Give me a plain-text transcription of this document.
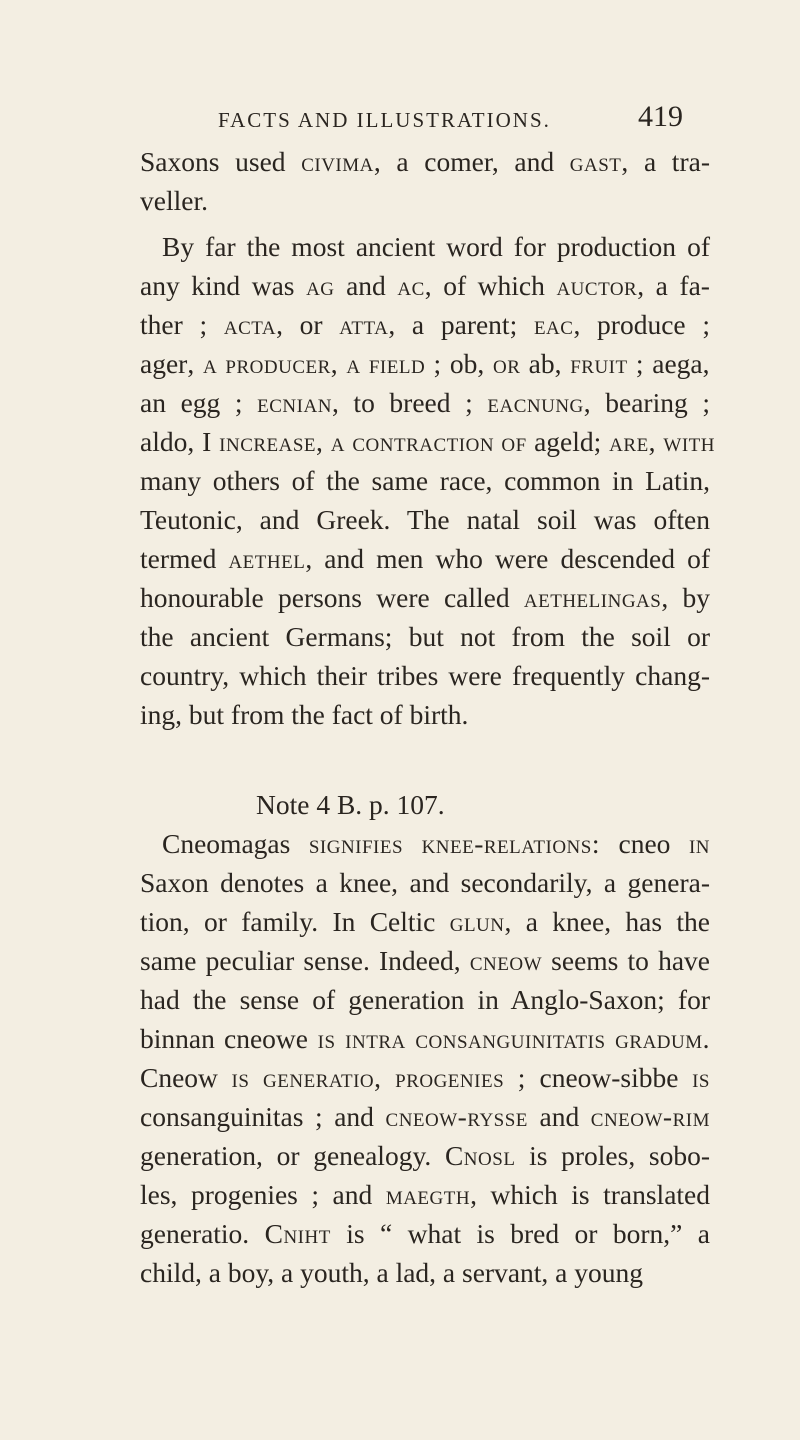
FACTS AND ILLUSTRATIONS.	419
Saxons used civima, a comer, and gast, a tra-
veller.
By far the most ancient word for production of
any kind was ag and ac, of which auctor, a fa-
ther ; acta, or atta, a parent; eac, produce ;
ager, a producer, a field ; ob, or ab, fruit ; aega,
an egg ; ecnian, to breed ; eacnung, bearing ;
aldo, I increase, a contraction of ageld; are, with
many others of the same race, common in Latin,
Teutonic, and Greek. The natal soil was often
termed aethel, and men who were descended of
honourable persons were called aethelingas, by
the ancient Germans; but not from the soil or
country, which their tribes were frequently chang-
ing, but from the fact of birth.
Note 4 B. p. 107.
Cneomagas signifies knee-relations: cneo in
Saxon denotes a knee, and secondarily, a genera-
tion, or family. In Celtic glun, a knee, has the
same peculiar sense. Indeed, cneow seems to have
had the sense of generation in Anglo-Saxon; for
binnan cneowe is intra consanguinitatis gradum.
Cneow is generatio, progenies ; cneow-sibbe is
consanguinitas ; and cneow-rysse and cneow-rim
generation, or genealogy. Cnosl is proles, sobo-
les, progenies ; and maegth, which is translated
generatio. Cniht is “ what is bred or born,” a
child, a boy, a youth, a lad, a servant, a young
